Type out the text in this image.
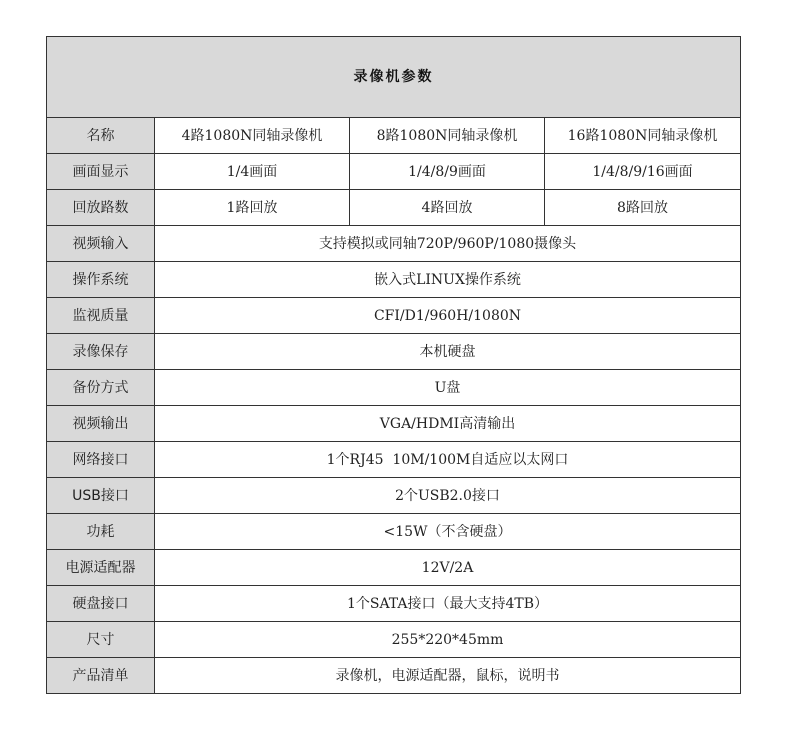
录像机参数			
名称	4路1080N同轴录像机	8路1080N同轴录像机	16路1080N同轴录像机
画面显示	1/4画面	1/4/8/9画面	1/4/8/9/16画面
回放路数	1路回放	4路回放	8路回放
视频输入	支持模拟或同轴720P/960P/1080摄像头		
操作系统	嵌入式LINUX操作系统		
监视质量	CFI/D1/960H/1080N		
录像保存	本机硬盘		
备份方式	U盘		
视频输出	VGA/HDMI高清输出		
网络接口	1个RJ45  10M/100M自适应以太网口		
USB接口	2个USB2.0接口		
功耗	<15W（不含硬盘）		
电源适配器	12V/2A		
硬盘接口	1个SATA接口（最大支持4TB）		
尺寸	255*220*45mm		
产品清单	录像机，电源适配器，鼠标，说明书		
